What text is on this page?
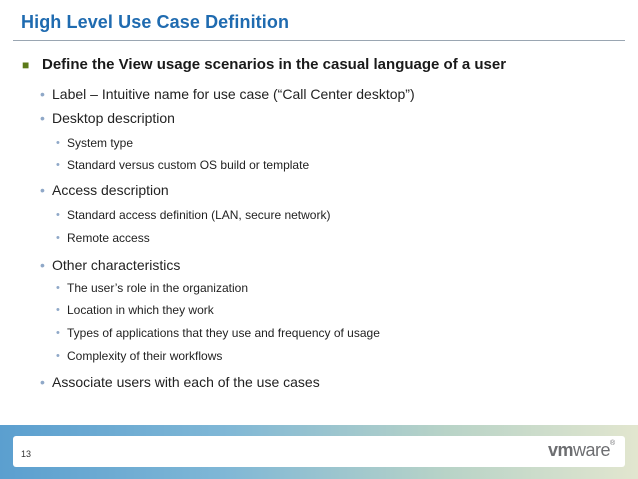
High Level Use Case Definition
■ Define the View usage scenarios in the casual language of a user
• Label – Intuitive name for use case (“Call Center desktop”)
• Desktop description
• System type
• Standard versus custom OS build or template
• Access description
• Standard access definition (LAN, secure network)
• Remote access
• Other characteristics
• The user’s role in the organization
• Location in which they work
• Types of applications that they use and frequency of usage
• Complexity of their workflows
• Associate users with each of the use cases
13	vmware®
